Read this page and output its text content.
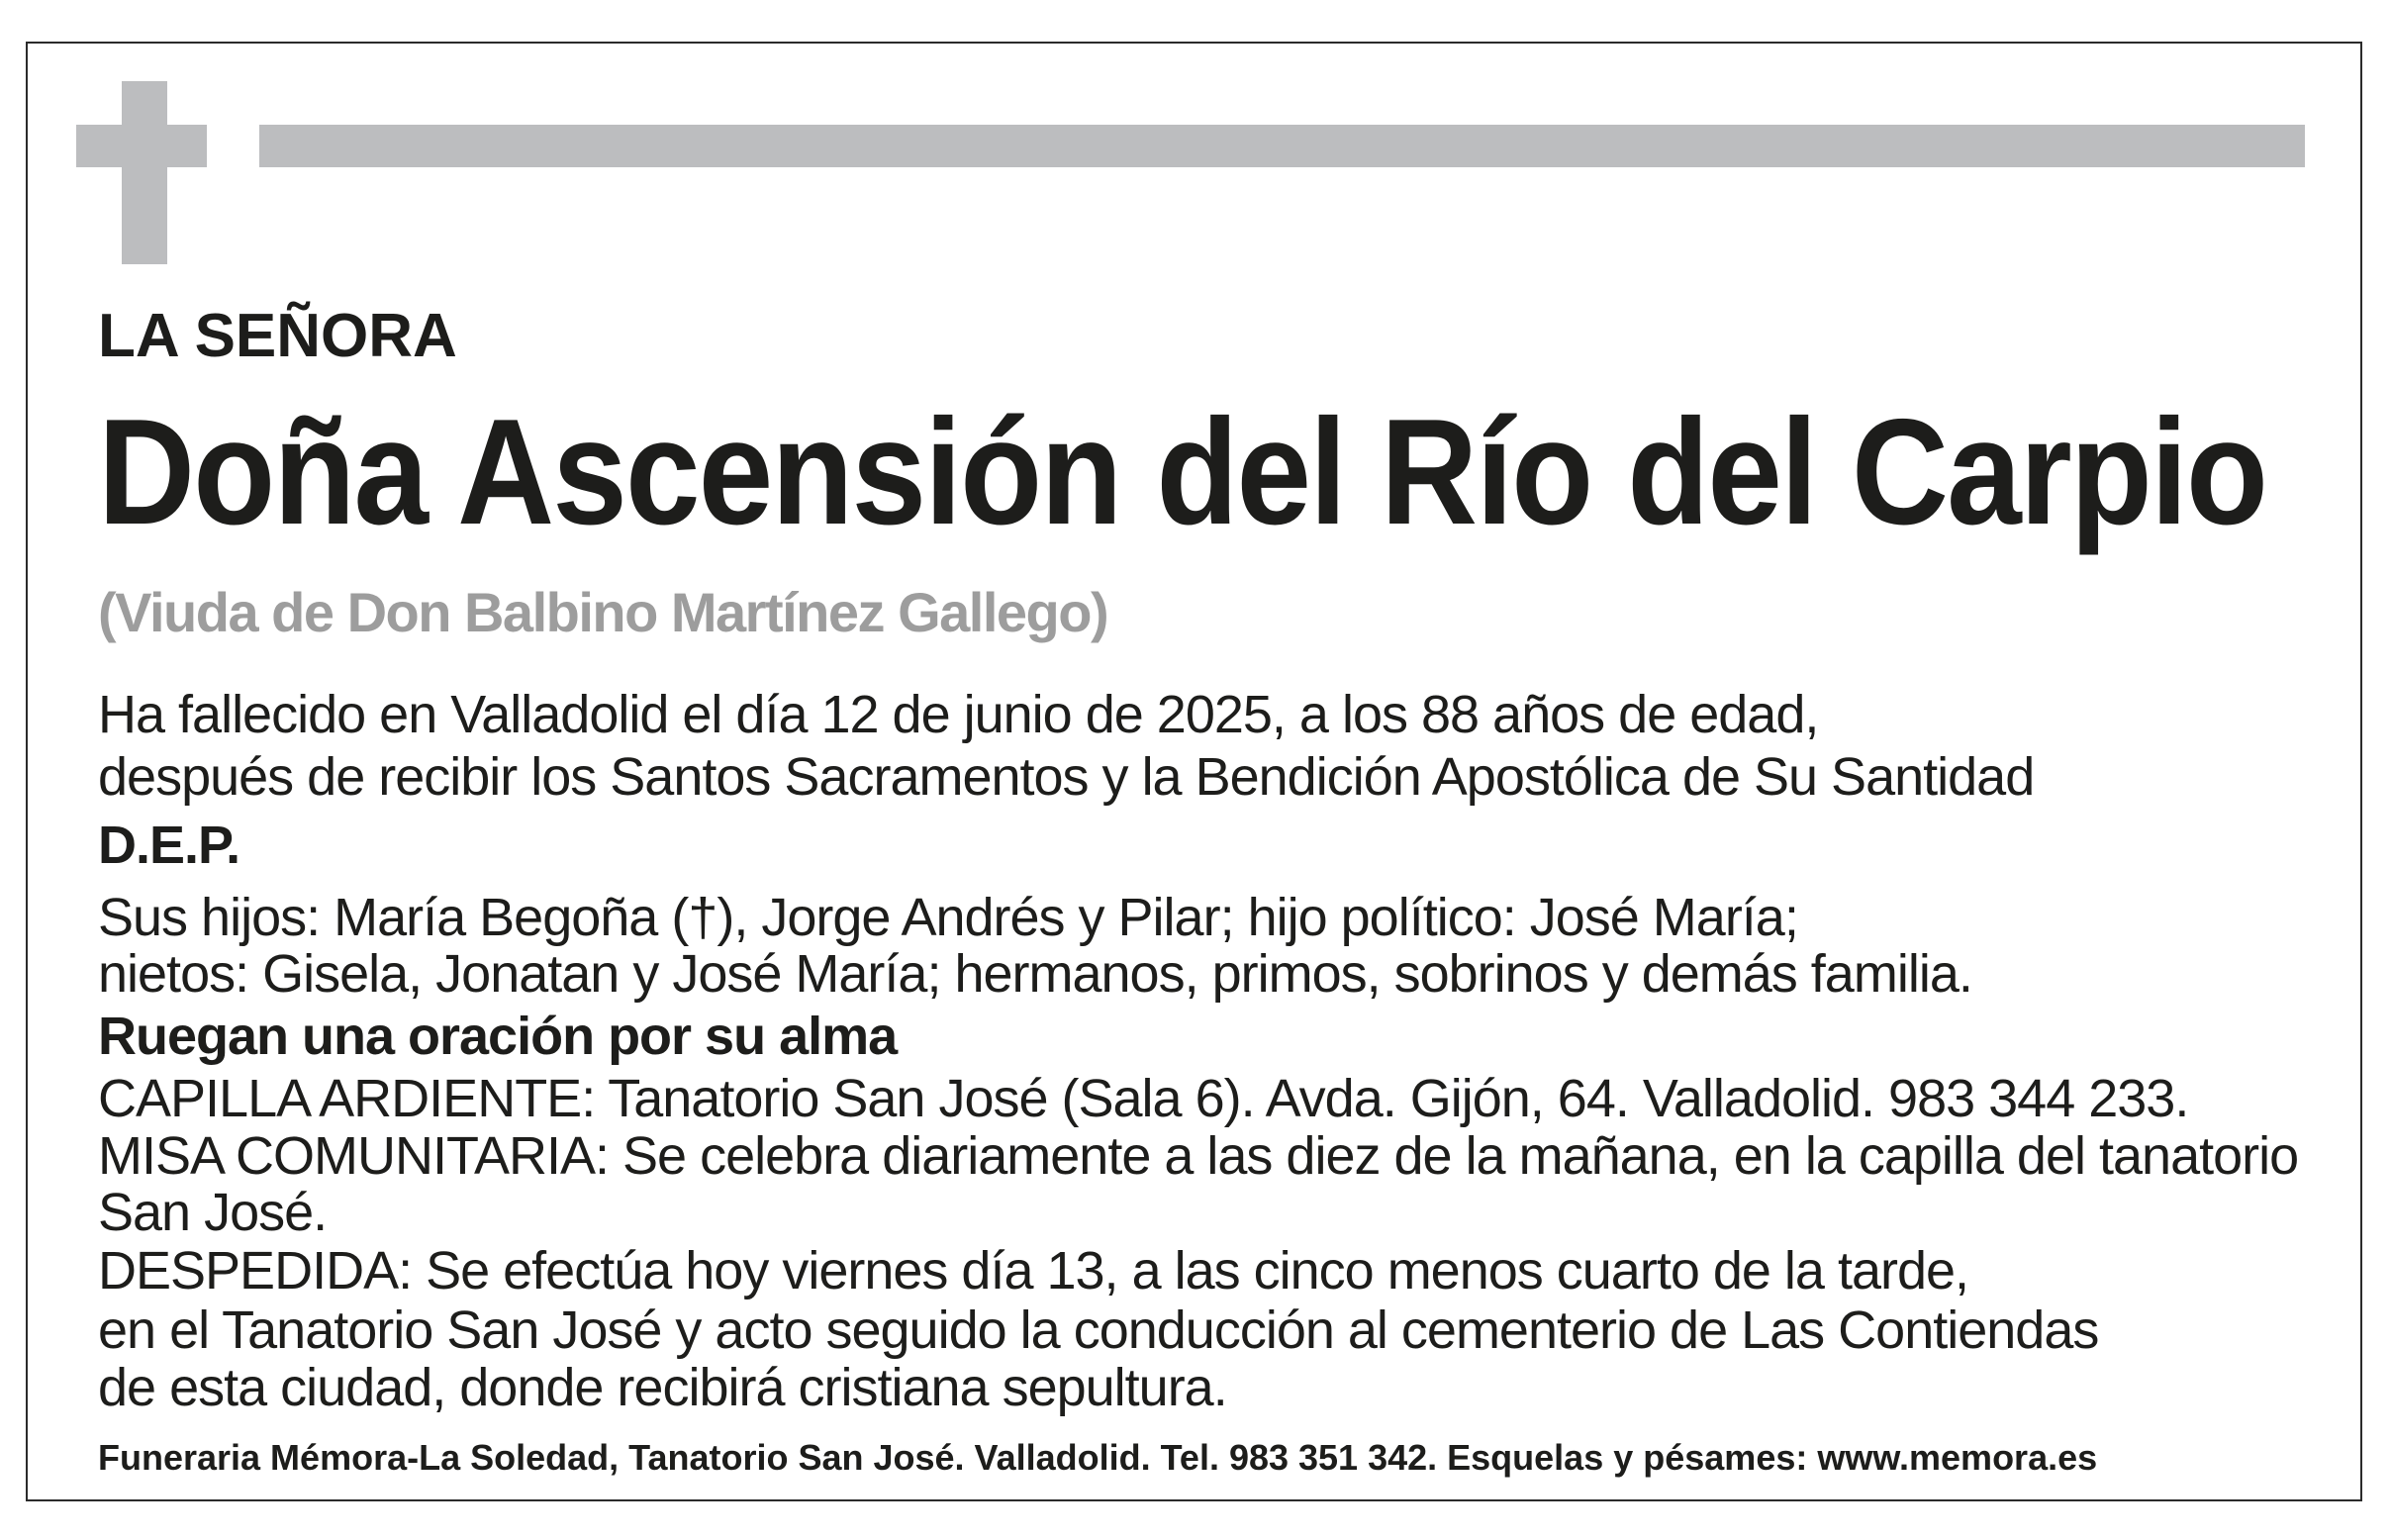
LA SEÑORA
Doña Ascensión del Río del Carpio
(Viuda de Don Balbino Martínez Gallego)
Ha fallecido en Valladolid el día 12 de junio de 2025, a los 88 años de edad,
después de recibir los Santos Sacramentos y la Bendición Apostólica de Su Santidad
D.E.P.
Sus hijos: María Begoña (†), Jorge Andrés y Pilar; hijo político: José María;
nietos: Gisela, Jonatan y José María; hermanos, primos, sobrinos y demás familia.
Ruegan una oración por su alma
CAPILLA ARDIENTE: Tanatorio San José (Sala 6). Avda. Gijón, 64. Valladolid. 983 344 233.
MISA COMUNITARIA: Se celebra diariamente a las diez de la mañana, en la capilla del tanatorio
San José.
DESPEDIDA: Se efectúa hoy viernes día 13, a las cinco menos cuarto de la tarde,
en el Tanatorio San José y acto seguido la conducción al cementerio de Las Contiendas
de esta ciudad, donde recibirá cristiana sepultura.
Funeraria Mémora-La Soledad, Tanatorio San José. Valladolid. Tel. 983 351 342. Esquelas y pésames: www.memora.es
